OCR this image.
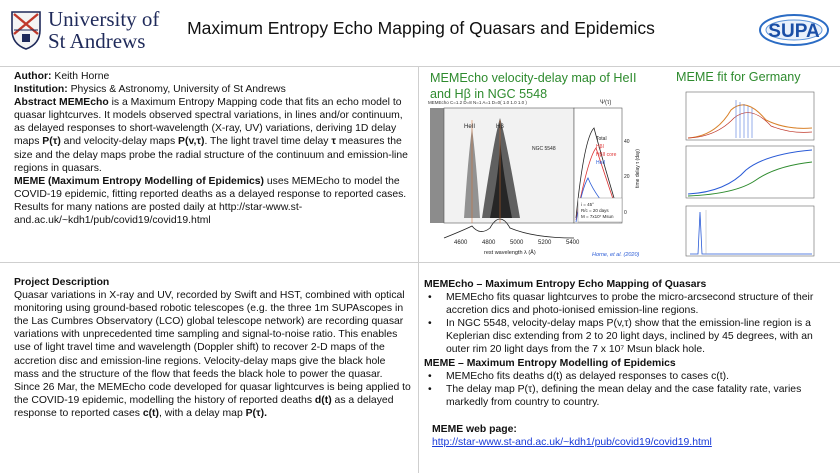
University of
St Andrews
Maximum Entropy Echo Mapping of Quasars and Epidemics	SUPA
Author: Keith Horne
Institution: Physics & Astronomy, University of St Andrews
Abstract MEMEcho is a Maximum Entropy Mapping code that fits an echo model to quasar lightcurves. It models observed spectral variations, in lines and/or continuum, as delayed responses to short-wavelength (X-ray, UV) variations, deriving 1D delay maps P(τ) and velocity-delay maps P(v,τ). The light travel time delay τ measures the size and the delay maps probe the radial structure of the continuum and emission-line regions in quasars.
MEME (Maximum Entropy Modelling of Epidemics) uses MEMEcho to model the COVID-19 epidemic, fitting reported deaths as a delayed response to reported cases. Results for many nations are posted daily at http://star-www.st-and.ac.uk/~kdh1/pub/covid19/covid19.html
MEMEcho velocity-delay map of HeII and Hβ in NGC 5548
MEME fit for Germany
MEMEcho C=1.2 D=8 N=1 A=1 D=0( 1.0 1.0 1.0 )	Ψ(τ)
HeII	Hβ
NGC 5548
Total
HβI
HβII core
HeII
40
20
0
time delay τ (day)
i = 45°
R/c = 20 days
M = 7x10⁷ Msun
4600 4800 5000 5200 5400
rest wavelength λ (Å)	Horne, et al. (2020)
Project Description
Quasar variations in X-ray and UV, recorded by Swift and HST, combined with optical monitoring using ground-based robotic telescopes (e.g. the three 1m SUPAscopes in the Las Cumbres Observatory (LCO) global telescope network) are recording quasar variations with unprecedented time sampling and signal-to-noise ratio. This enables use of light travel time and wavelength (Doppler shift) to recover 2-D maps of the accretion disc and emission-line regions. Velocity-delay maps give the black hole mass and the structure of the flow that feeds the black hole to power the quasar.
Since 26 Mar, the MEMEcho code developed for quasar lightcurves is being applied to the COVID-19 epidemic, modelling the history of reported deaths d(t) as a delayed response to reported cases c(t), with a delay map P(τ).
MEMEcho – Maximum Entropy Echo Mapping of Quasars
• MEMEcho fits quasar lightcurves to probe the micro-arcsecond structure of their accretion dics and photo-ionised emission-line regions.
• In NGC 5548, velocity-delay maps P(v,τ) show that the emission-line region is a Keplerian disc extending from 2 to 20 light days, inclined by 45 degrees, with an outer rim 20 light days from the 7 x 10⁷ Msun black hole.
MEME – Maximum Entropy Modelling of Epidemics
• MEMEcho fits deaths d(t) as delayed responses to cases c(t).
• The delay map P(τ), defining the mean delay and the case fatality rate, varies markedly from country to country.
MEME web page:
http://star-www.st-and.ac.uk/~kdh1/pub/covid19/covid19.html
